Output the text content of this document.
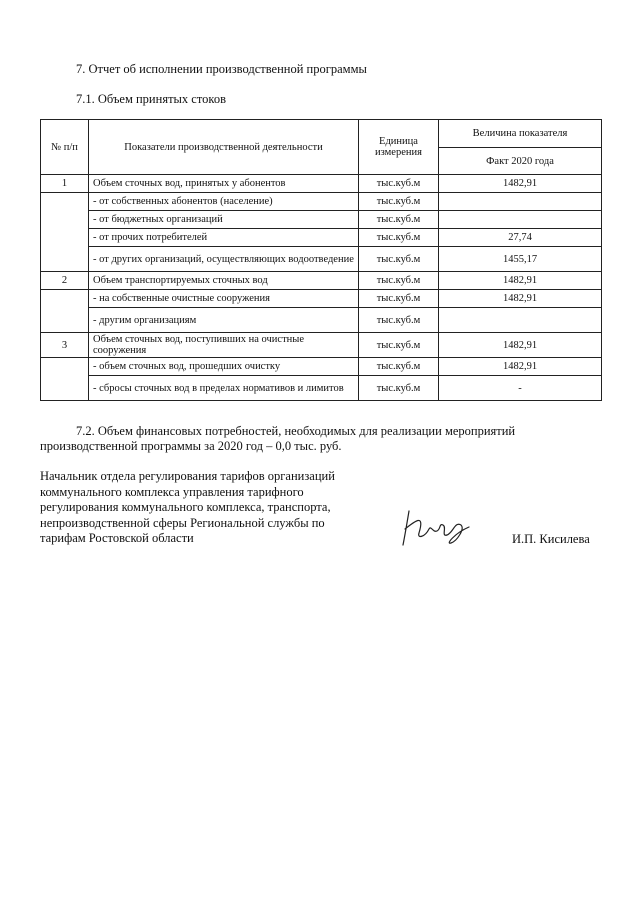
7. Отчет об исполнении производственной программы
7.1. Объем принятых стоков
№ п/п	Показатели производственной деятельности	Единица измерения	Величина показателя
			Факт 2020 года
1	Объем сточных вод, принятых у абонентов	тыс.куб.м	1482,91
	- от собственных абонентов (население)	тыс.куб.м	
	- от бюджетных организаций	тыс.куб.м	
	- от прочих потребителей	тыс.куб.м	27,74
	- от других организаций, осуществляющих водоотведение	тыс.куб.м	1455,17
2	Объем транспортируемых сточных вод	тыс.куб.м	1482,91
	- на собственные очистные сооружения	тыс.куб.м	1482,91
	- другим организациям	тыс.куб.м	
3	Объем сточных вод, поступивших на очистные сооружения	тыс.куб.м	1482,91
	- объем сточных вод, прошедших очистку	тыс.куб.м	1482,91
	- сбросы сточных вод в пределах нормативов и лимитов	тыс.куб.м	-
7.2. Объем финансовых потребностей, необходимых для реализации мероприятий
производственной программы за 2020 год – 0,0 тыс. руб.
Начальник отдела регулирования тарифов организаций
коммунального комплекса управления тарифного
регулирования коммунального комплекса, транспорта,
непроизводственной сферы Региональной службы по
тарифам Ростовской области	И.П. Кисилева
